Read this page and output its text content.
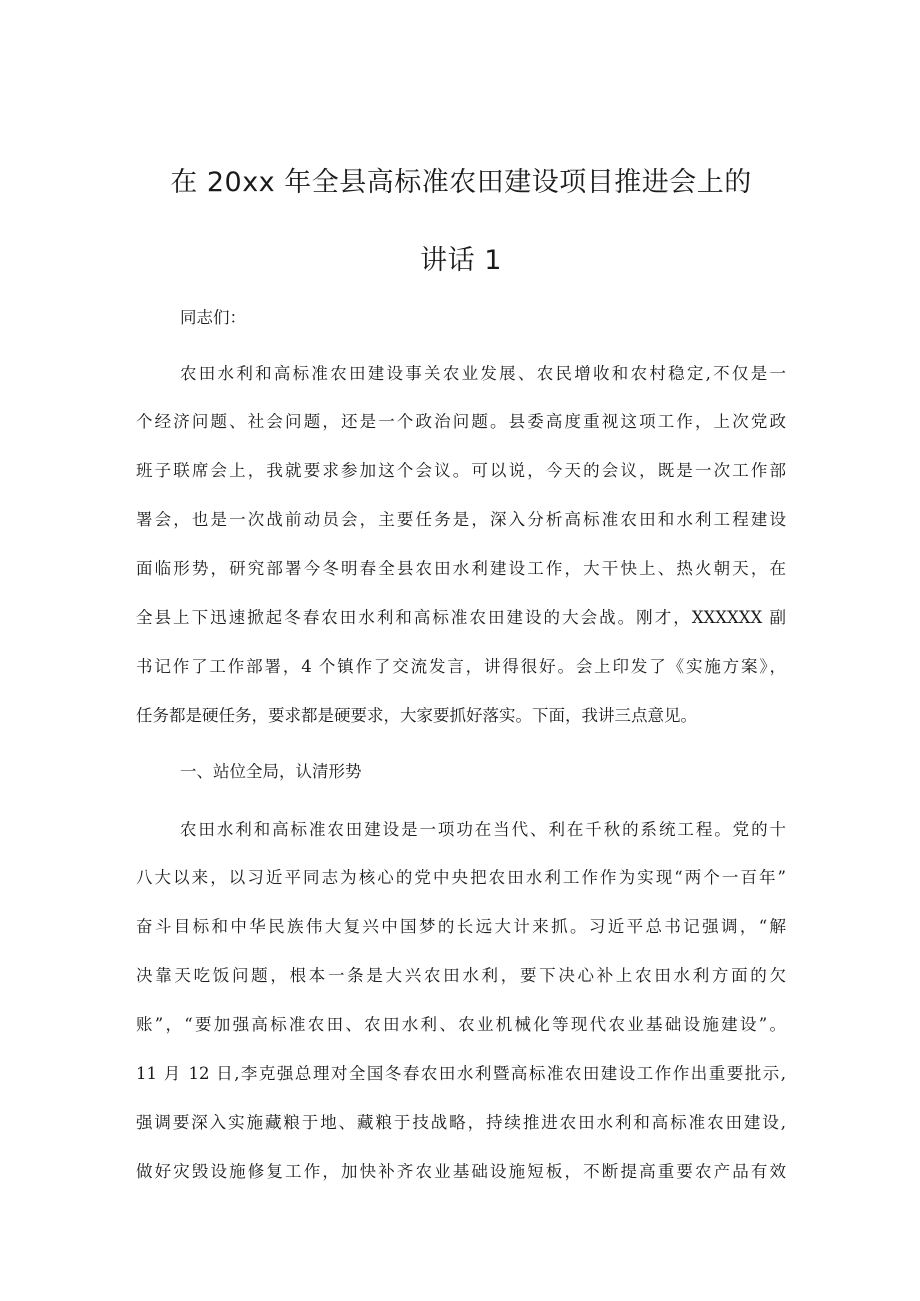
在 20xx 年全县高标准农田建设项目推进会上的
讲话 1
同志们：
农田水利和高标准农田建设事关农业发展、农民增收和农村稳定,不仅是一
个经济问题、社会问题，还是一个政治问题。县委高度重视这项工作，上次党政
班子联席会上，我就要求参加这个会议。可以说，今天的会议，既是一次工作部
署会，也是一次战前动员会，主要任务是，深入分析高标准农田和水利工程建设
面临形势，研究部署今冬明春全县农田水利建设工作，大干快上、热火朝天，在
全县上下迅速掀起冬春农田水利和高标准农田建设的大会战。刚才，XXXXXX 副
书记作了工作部署，4 个镇作了交流发言，讲得很好。会上印发了《实施方案》，
任务都是硬任务，要求都是硬要求，大家要抓好落实。下面，我讲三点意见。
一、站位全局，认清形势
农田水利和高标准农田建设是一项功在当代、利在千秋的系统工程。党的十
八大以来，以习近平同志为核心的党中央把农田水利工作作为实现“两个一百年”
奋斗目标和中华民族伟大复兴中国梦的长远大计来抓。习近平总书记强调，“解
决靠天吃饭问题，根本一条是大兴农田水利，要下决心补上农田水利方面的欠
账”，“要加强高标准农田、农田水利、农业机械化等现代农业基础设施建设”。
11 月 12 日,李克强总理对全国冬春农田水利暨高标准农田建设工作作出重要批示,
强调要深入实施藏粮于地、藏粮于技战略，持续推进农田水利和高标准农田建设,
做好灾毁设施修复工作，加快补齐农业基础设施短板，不断提高重要农产品有效
